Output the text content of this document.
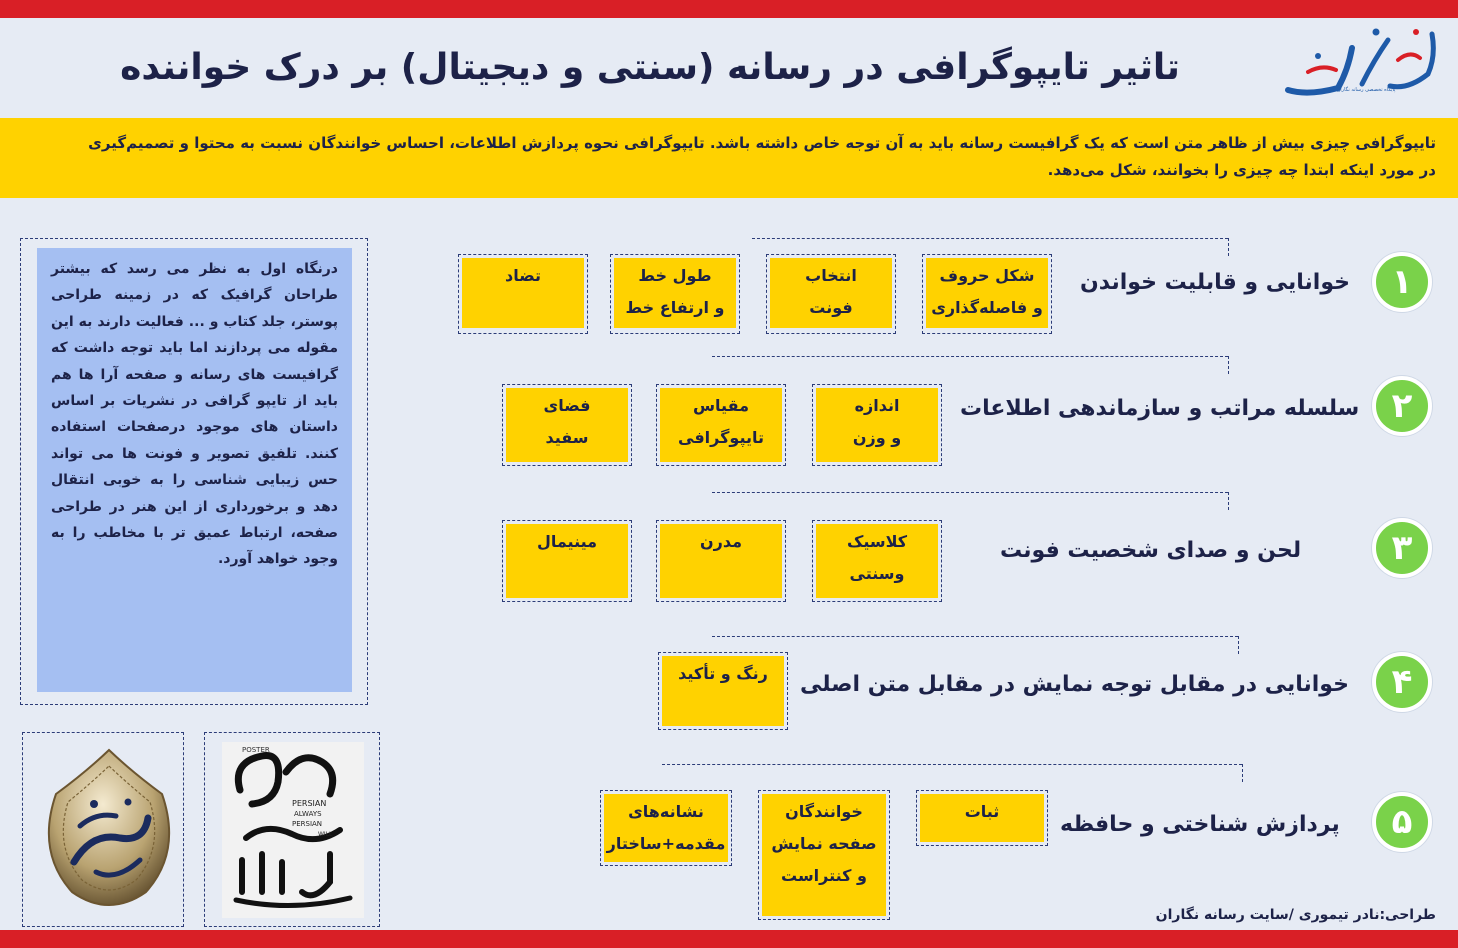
پایگاه تخصصی رسانه نگاران
تاثیر تایپوگرافی در رسانه (سنتی و دیجیتال) بر درک خواننده
تایپوگرافی چیزی بیش از ظاهر متن است که یک گرافیست رسانه باید به آن توجه خاص داشته باشد. تایپوگرافی نحوه پردازش اطلاعات، احساس خوانندگان نسبت به محتوا و تصمیم‌گیری
در مورد اینکه ابتدا چه چیزی را بخوانند، شکل می‌دهد.
درنگاه اول به نظر می رسد که بیشتر طراحان گرافیک که در زمینه طراحی پوستر، جلد کتاب و ... فعالیت دارند به این مقوله می پردازند اما باید توجه داشت که گرافیست های رسانه و صفحه آرا ها هم باید از تایپو گرافی در نشریات بر اساس داستان های موجود درصفحات استفاده کنند. تلفیق تصویر و فونت ها می تواند حس زیبایی شناسی را به خوبی انتقال دهد و برخورداری از این هنر در طراحی صفحه، ارتباط عمیق تر با مخاطب را به وجود خواهد آورد.
POSTER
PERSIAN
ALWAYS
PERSIAN
WILL
۱
خوانایی و قابلیت خواندن
شکل حروف
و فاصله‌گذاری
انتخاب
فونت
طول خط
و ارتفاع خط
تضاد
۲
سلسله مراتب و سازماندهی اطلاعات
اندازه
و وزن
مقیاس
تایپوگرافی
فضای
سفید
۳
لحن و صدای شخصیت فونت
کلاسیک
وسنتی
مدرن
مینیمال
۴
خوانایی در مقابل توجه نمایش در مقابل متن اصلی
رنگ و تأکید
۵
پردازش شناختی و حافظه
ثبات
خوانندگان
صفحه نمایش
و کنتراست
نشانه‌های
مقدمه+ساختار
طراحی:نادر تیموری /سایت رسانه نگاران
